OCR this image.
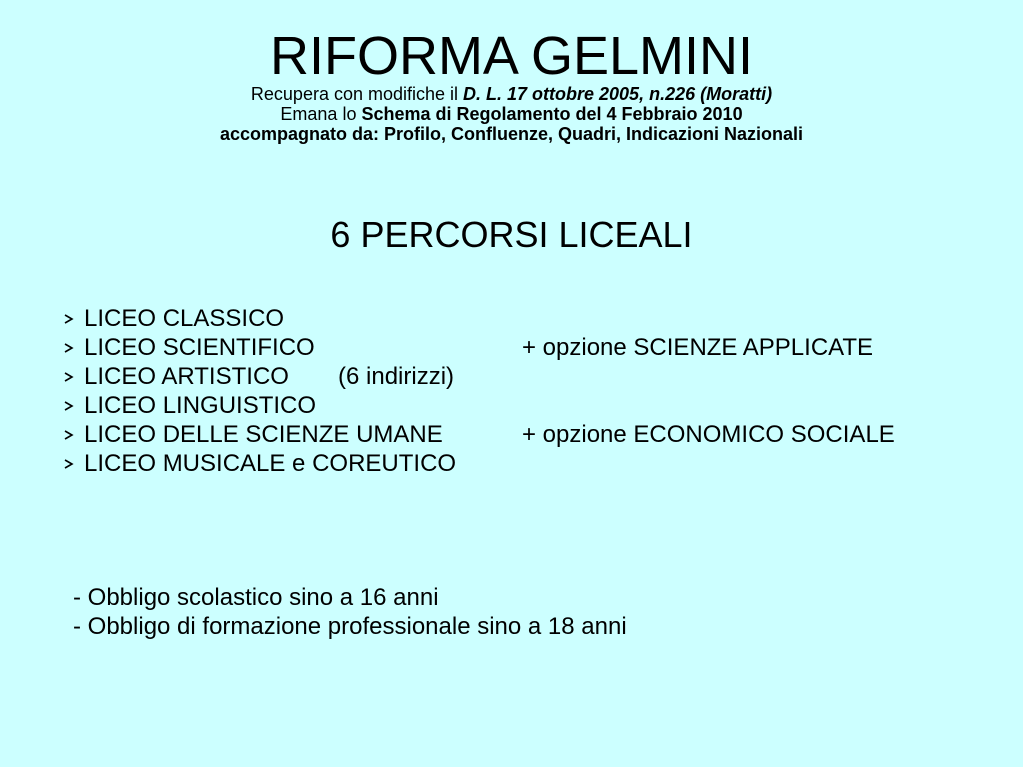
RIFORMA GELMINI
Recupera con modifiche il D. L. 17 ottobre 2005, n.226 (Moratti)
Emana lo Schema di Regolamento del 4 Febbraio 2010
accompagnato da: Profilo, Confluenze, Quadri, Indicazioni Nazionali
6 PERCORSI LICEALI
LICEO CLASSICO
LICEO SCIENTIFICO	+ opzione SCIENZE APPLICATE
LICEO ARTISTICO (6 indirizzi)
LICEO LINGUISTICO
LICEO DELLE SCIENZE UMANE	+ opzione ECONOMICO SOCIALE
LICEO MUSICALE e COREUTICO
- Obbligo scolastico sino a 16 anni
- Obbligo di formazione professionale sino a 18 anni
